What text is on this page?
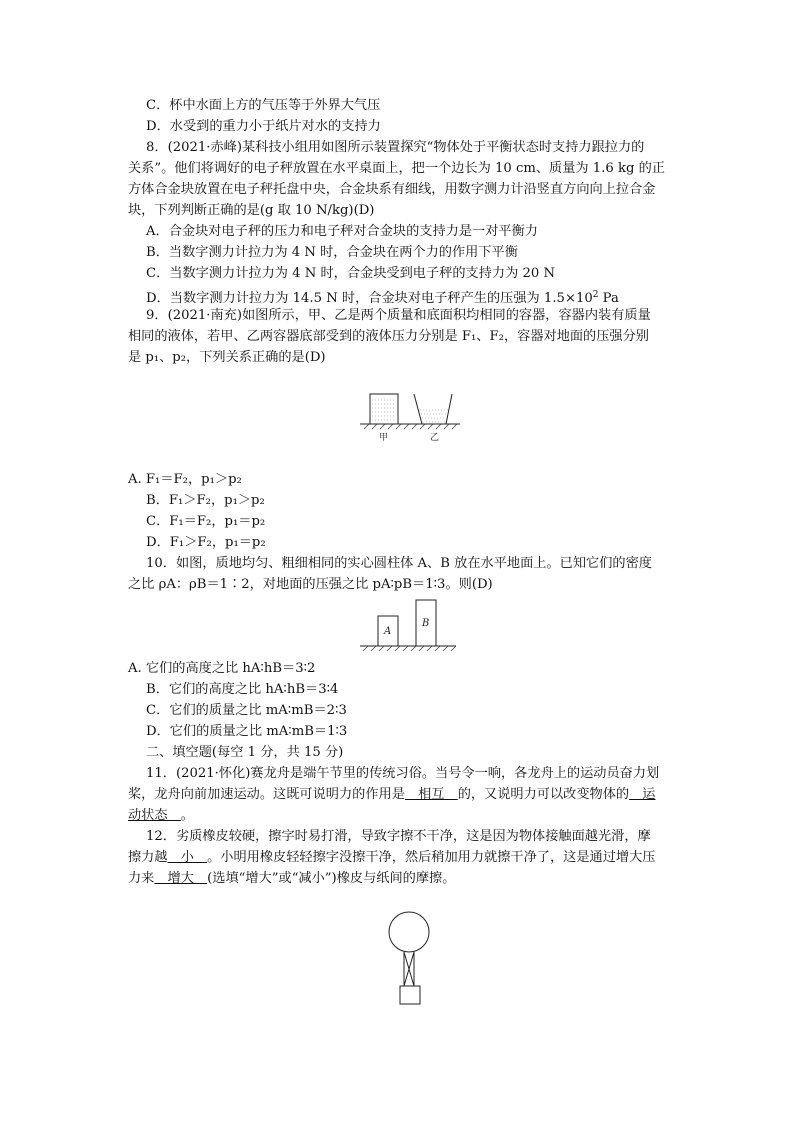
C．杯中水面上方的气压等于外界大气压
D．水受到的重力小于纸片对水的支持力
8．(2021·赤峰)某科技小组用如图所示装置探究“物体处于平衡状态时支持力跟拉力的
关系”。他们将调好的电子秤放置在水平桌面上，把一个边长为 10 cm、质量为 1.6 kg 的正
方体合金块放置在电子秤托盘中央，合金块系有细线，用数字测力计沿竖直方向向上拉合金
块，下列判断正确的是(g 取 10 N/kg)(D)
A．合金块对电子秤的压力和电子秤对合金块的支持力是一对平衡力
B．当数字测力计拉力为 4 N 时，合金块在两个力的作用下平衡
C．当数字测力计拉力为 4 N 时，合金块受到电子秤的支持力为 20 N
D．当数字测力计拉力为 14.5 N 时，合金块对电子秤产生的压强为 $1.5\times 10^2$ Pa
9．(2021·南充)如图所示，甲、乙是两个质量和底面积均相同的容器，容器内装有质量
相同的液体，若甲、乙两容器底部受到的液体压力分别是 F₁、F₂，容器对地面的压强分别
是 p₁、p₂，下列关系正确的是(D)
甲	乙
A. F₁＝F₂，p₁＞p₂
B．F₁＞F₂，p₁＞p₂
C．F₁＝F₂，p₁＝p₂
D．F₁＞F₂，p₁＝p₂
10．如图，质地均匀、粗细相同的实心圆柱体 A、B 放在水平地面上。已知它们的密度
之比 ρA：ρB＝1∶2，对地面的压强之比 pA∶pB＝1∶3。则(D)
A
B
A. 它们的高度之比 hA∶hB＝3∶2
B．它们的高度之比 hA∶hB＝3∶4
C．它们的质量之比 mA∶mB＝2∶3
D．它们的质量之比 mA∶mB＝1∶3
二、填空题(每空 1 分，共 15 分)
11．(2021·怀化)赛龙舟是端午节里的传统习俗。当号令一响，各龙舟上的运动员奋力划
桨，龙舟向前加速运动。这既可说明力的作用是＿相互＿的，又说明力可以改变物体的＿运
动状态＿。
12．劣质橡皮较硬，擦字时易打滑，导致字擦不干净，这是因为物体接触面越光滑，摩
擦力越＿小＿。小明用橡皮轻轻擦字没擦干净，然后稍加用力就擦干净了，这是通过增大压
力来＿增大＿(选填“增大”或“减小”)橡皮与纸间的摩擦。
